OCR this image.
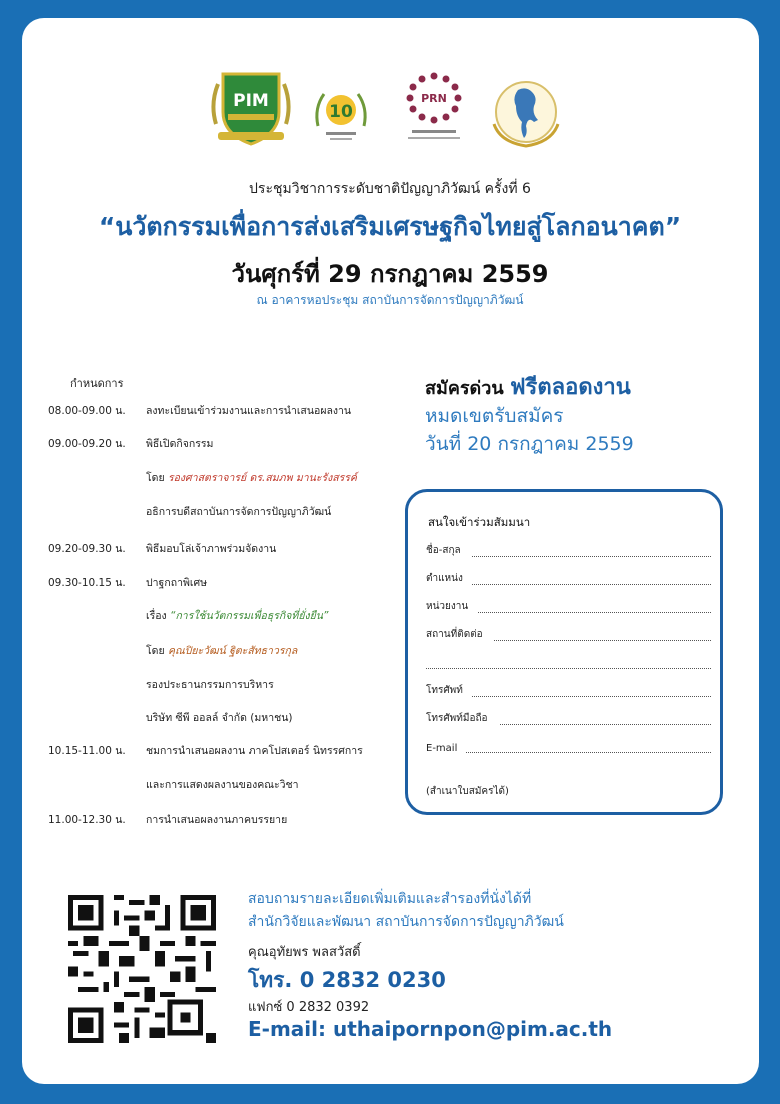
PIM
10
PRN
ประชุมวิชาการระดับชาติปัญญาภิวัฒน์ ครั้งที่ 6
“นวัตกรรมเพื่อการส่งเสริมเศรษฐกิจไทยสู่โลกอนาคต”
วันศุกร์ที่ 29 กรกฎาคม 2559
ณ อาคารหอประชุม สถาบันการจัดการปัญญาภิวัฒน์
กำหนดการ
08.00-09.00 น. ลงทะเบียนเข้าร่วมงานและการนำเสนอผลงาน
09.00-09.20 น. พิธีเปิดกิจกรรม
โดย รองศาสตราจารย์ ดร.สมภพ มานะรังสรรค์
อธิการบดีสถาบันการจัดการปัญญาภิวัฒน์
09.20-09.30 น. พิธีมอบโล่เจ้าภาพร่วมจัดงาน
09.30-10.15 น. ปาฐกถาพิเศษ
เรื่อง “การใช้นวัตกรรมเพื่อธุรกิจที่ยั่งยืน”
โดย คุณปิยะวัฒน์ ฐิตะสัทธาวรกุล
รองประธานกรรมการบริหาร
บริษัท ซีพี ออลล์ จำกัด (มหาชน)
10.15-11.00 น. ชมการนำเสนอผลงาน ภาคโปสเตอร์ นิทรรศการ
และการแสดงผลงานของคณะวิชา
11.00-12.30 น. การนำเสนอผลงานภาคบรรยาย
สมัครด่วน ฟรีตลอดงาน
หมดเขตรับสมัคร
วันที่ 20 กรกฎาคม 2559
สนใจเข้าร่วมสัมมนา
ชื่อ-สกุล
ตำแหน่ง
หน่วยงาน
สถานที่ติดต่อ
โทรศัพท์
โทรศัพท์มือถือ
E-mail
(สำเนาใบสมัครได้)
สอบถามรายละเอียดเพิ่มเติมและสำรองที่นั่งได้ที่
สำนักวิจัยและพัฒนา สถาบันการจัดการปัญญาภิวัฒน์
คุณอุทัยพร พลสวัสดิ์
โทร. 0 2832 0230
แฟกซ์ 0 2832 0392
E-mail: uthaipornpon@pim.ac.th
